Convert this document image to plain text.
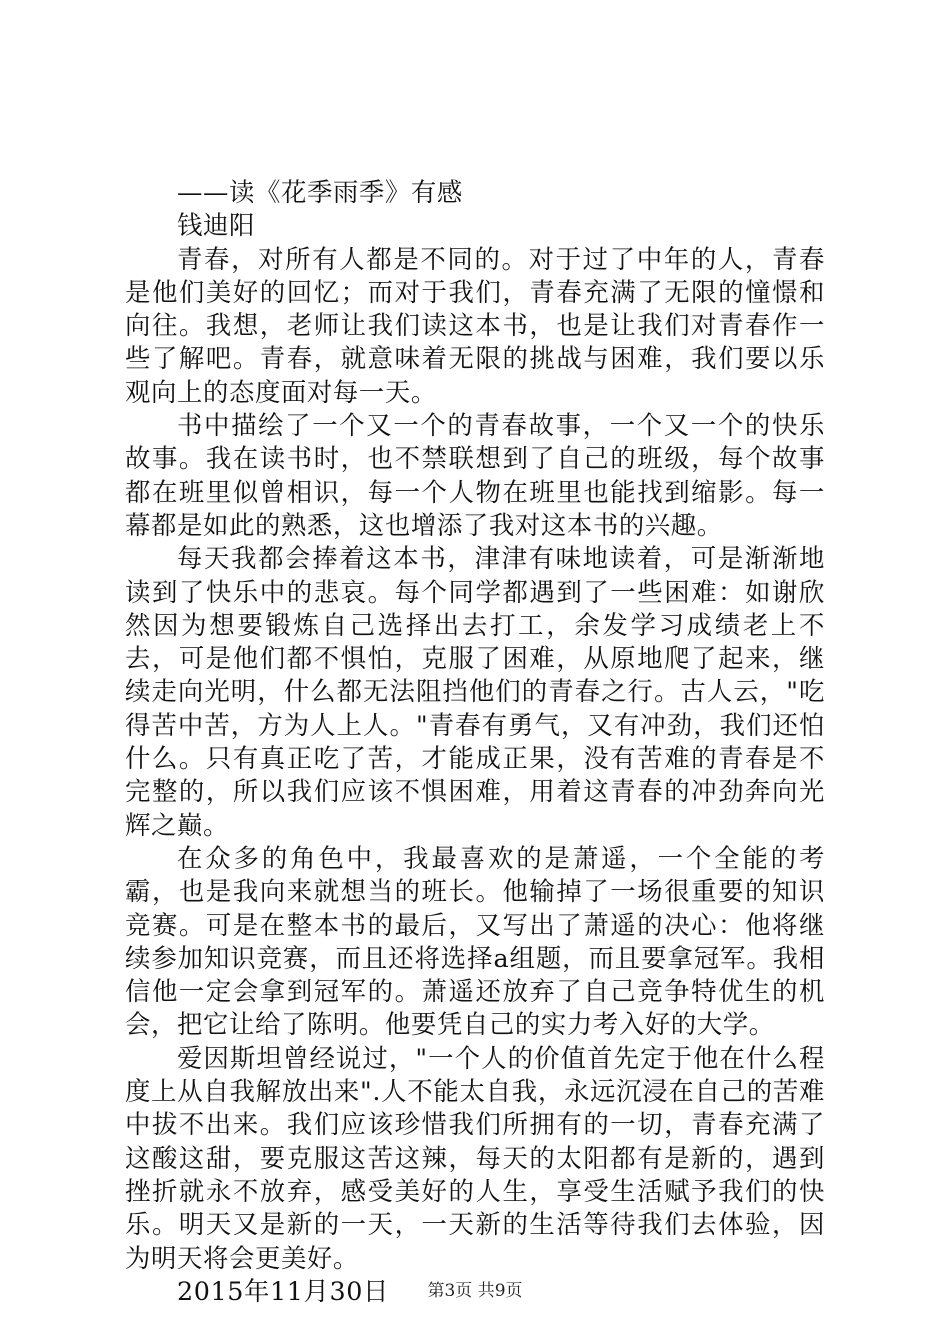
——读《花季雨季》有感

钱迪阳

青春，对所有人都是不同的。对于过了中年的人，青春是他们美好的回忆；而对于我们，青春充满了无限的憧憬和向往。我想，老师让我们读这本书，也是让我们对青春作一些了解吧。青春，就意味着无限的挑战与困难，我们要以乐观向上的态度面对每一天。

书中描绘了一个又一个的青春故事，一个又一个的快乐故事。我在读书时，也不禁联想到了自己的班级，每个故事都在班里似曾相识，每一个人物在班里也能找到缩影。每一幕都是如此的熟悉，这也增添了我对这本书的兴趣。

每天我都会捧着这本书，津津有味地读着，可是渐渐地读到了快乐中的悲哀。每个同学都遇到了一些困难：如谢欣然因为想要锻炼自己选择出去打工，余发学习成绩老上不去，可是他们都不惧怕，克服了困难，从原地爬了起来，继续走向光明，什么都无法阻挡他们的青春之行。古人云，"吃得苦中苦，方为人上人。"青春有勇气，又有冲劲，我们还怕什么。只有真正吃了苦，才能成正果，没有苦难的青春是不完整的，所以我们应该不惧困难，用着这青春的冲劲奔向光辉之巅。

在众多的角色中，我最喜欢的是萧遥，一个全能的考霸，也是我向来就想当的班长。他输掉了一场很重要的知识竞赛。可是在整本书的最后，又写出了萧遥的决心：他将继续参加知识竞赛，而且还将选择a组题，而且要拿冠军。我相信他一定会拿到冠军的。萧遥还放弃了自己竞争特优生的机会，把它让给了陈明。他要凭自己的实力考入好的大学。

爱因斯坦曾经说过，"一个人的价值首先定于他在什么程度上从自我解放出来".人不能太自我，永远沉浸在自己的苦难中拔不出来。我们应该珍惜我们所拥有的一切，青春充满了这酸这甜，要克服这苦这辣，每天的太阳都有是新的，遇到挫折就永不放弃，感受美好的人生，享受生活赋予我们的快乐。明天又是新的一天，一天新的生活等待我们去体验，因为明天将会更美好。

2015年11月30日	第3页 共9页
